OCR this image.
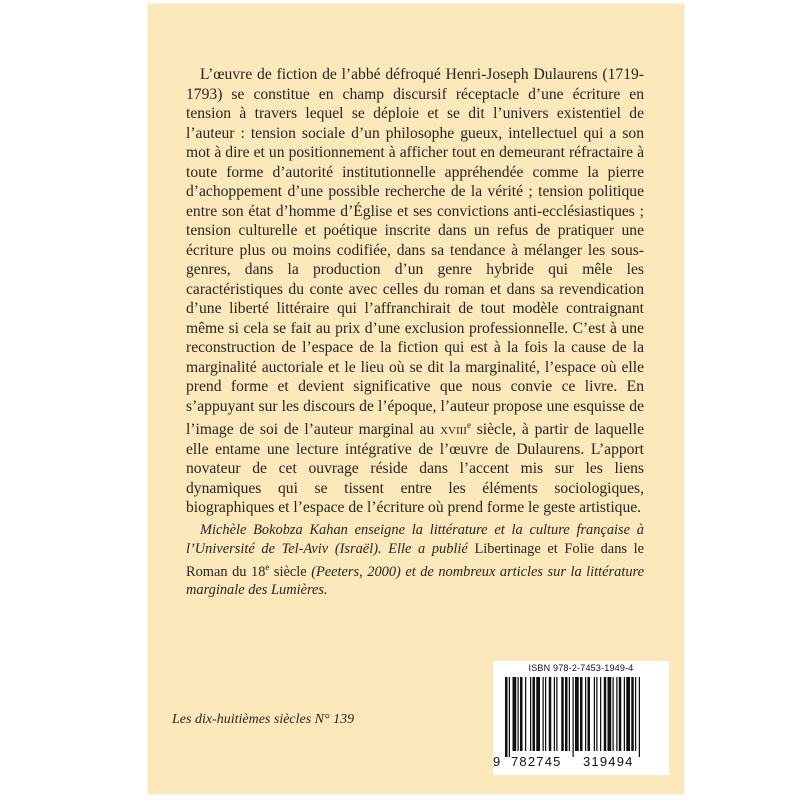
L’œuvre de fiction de l’abbé défroqué Henri-Joseph Dulaurens (1719-1793) se constitue en champ discursif réceptacle d’une écriture en tension à travers lequel se déploie et se dit l’univers existentiel de l’auteur : tension sociale d’un philosophe gueux, intellectuel qui a son mot à dire et un positionnement à afficher tout en demeurant réfractaire à toute forme d’autorité institutionnelle appréhendée comme la pierre d’achoppement d’une possible recherche de la vérité ; tension politique entre son état d’homme d’Église et ses convictions anti-ecclésiastiques ; tension culturelle et poétique inscrite dans un refus de pratiquer une écriture plus ou moins codifiée, dans sa tendance à mélanger les sous-genres, dans la production d’un genre hybride qui mêle les caractéristiques du conte avec celles du roman et dans sa revendication d’une liberté littéraire qui l’affranchirait de tout modèle contraignant même si cela se fait au prix d’une exclusion professionnelle. C’est à une reconstruction de l’espace de la fiction qui est à la fois la cause de la marginalité auctoriale et le lieu où se dit la marginalité, l’espace où elle prend forme et devient significative que nous convie ce livre. En s’appuyant sur les discours de l’époque, l’auteur propose une esquisse de l’image de soi de l’auteur marginal au xviii$^e$ siècle, à partir de laquelle elle entame une lecture intégrative de l’œuvre de Dulaurens. L’apport novateur de cet ouvrage réside dans l’accent mis sur les liens dynamiques qui se tissent entre les éléments sociologiques, biographiques et l’espace de l’écriture où prend forme le geste artistique.

Michèle Bokobza Kahan enseigne la littérature et la culture française à l’Université de Tel-Aviv (Israël). Elle a publié Libertinage et Folie dans le Roman du 18e siècle (Peeters, 2000) et de nombreux articles sur la littérature marginale des Lumières.

Les dix-huitièmes siècles N° 139
ISBN 978-2-7453-1949-4
9 782745 319494
